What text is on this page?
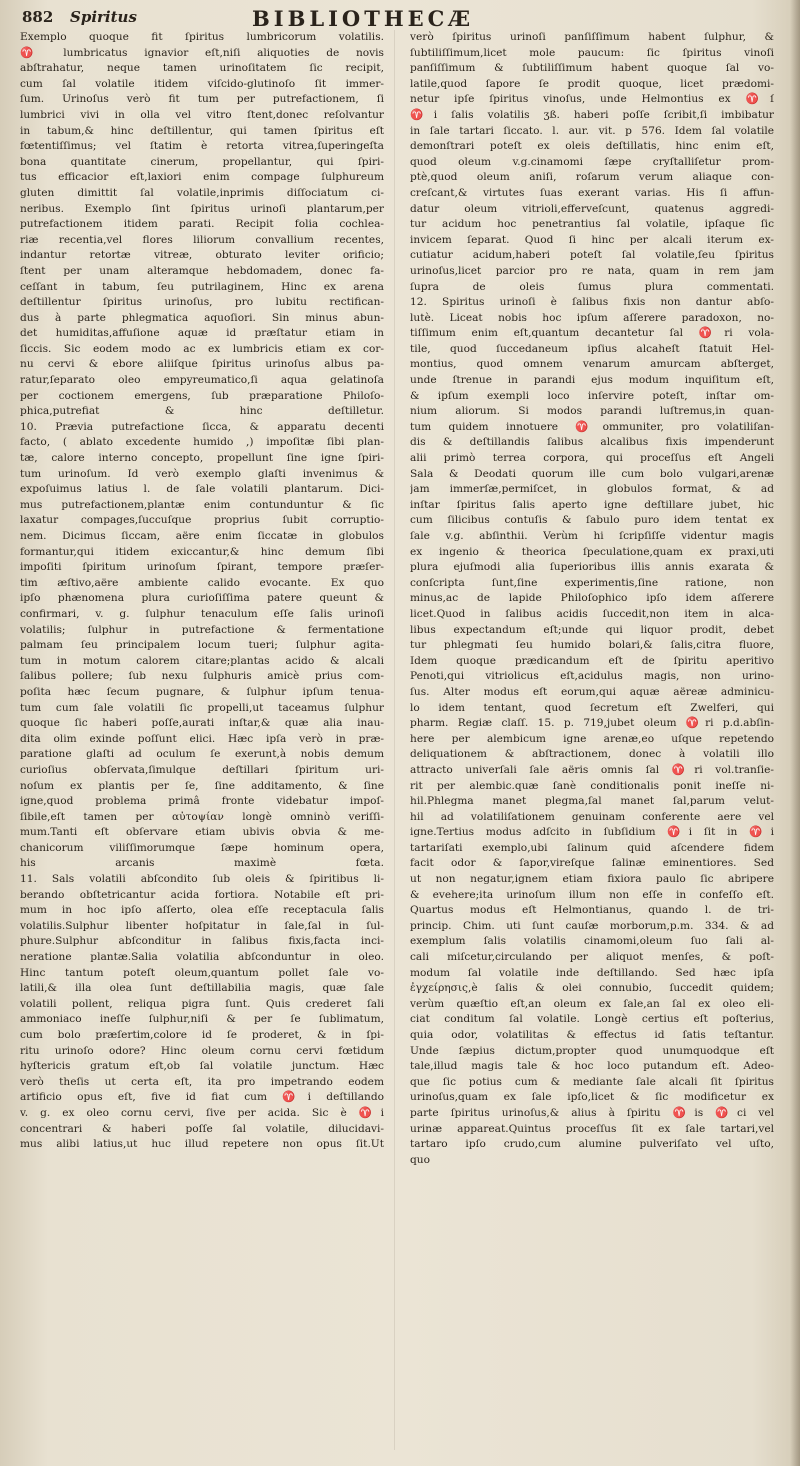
882 Spiritus	BIBLIOTHECÆ
Exemplo quoque fit ſpiritus lumbricorum volatilis.
♈ lumbricatus ignavior eſt,niſi aliquoties de novis
abſtrahatur, neque tamen urinoſitatem ſic recipit,
cum ſal volatile itidem viſcido-glutinoſo ſit immer-
ſum. Urinoſus verò fit tum per putrefactionem, ſi
lumbrici vivi in olla vel vitro ſtent,donec reſolvantur
in tabum,& hinc deſtillentur, qui tamen ſpiritus eſt
fœtentiſſimus; vel ſtatim è retorta vitrea,ſuperingeſta
bona quantitate cinerum, propellantur, qui ſpiri-
tus efficacior eſt,laxiori enim compage ſulphureum
gluten dimittit ſal volatile,inprimis diſſociatum ci-
neribus. Exemplo ſint ſpiritus urinoſi plantarum,per
putrefactionem itidem parati. Recipit folia cochlea-
riæ recentia,vel flores liliorum convallium recentes,
indantur retortæ vitreæ, obturato leviter orificio;
ſtent per unam alteramque hebdomadem, donec fa-
ceſſant in tabum, ſeu putrilaginem, Hinc ex arena
deſtillentur ſpiritus urinoſus, pro lubitu rectifican-
dus à parte phlegmatica aquoſiori. Sin minus abun-
det humiditas,affuſione aquæ id præſtatur etiam in
ſiccis. Sic eodem modo ac ex lumbricis etiam ex cor-
nu cervi & ebore aliiſque ſpiritus urinoſus albus pa-
ratur,ſeparato oleo empyreumatico,ſi aqua gelatinoſa
per coctionem emergens, ſub præparatione Philoſo-
phica,putrefiat & hinc deſtilletur.
10. Prævia putrefactione ſicca, & apparatu decenti
facto, ( ablato excedente humido ,) impoſitæ ſibi plan-
tæ, calore interno concepto, propellunt ſine igne ſpiri-
tum urinoſum. Id verò exemplo glaſti invenimus &
expoſuimus latius l. de ſale volatili plantarum. Dici-
mus putrefactionem,plantæ enim contunduntur & ſic
laxatur compages,ſuccuſque proprius ſubit corruptio-
nem. Dicimus ſiccam, aëre enim ſiccatæ in globulos
formantur,qui itidem exiccantur,& hinc demum ſibi
impoſiti ſpiritum urinoſum ſpirant, tempore præſer-
tim æſtivo,aëre ambiente calido evocante. Ex quo
ipſo phænomena plura curioſiſſima patere queunt &
confirmari, v. g. ſulphur tenaculum eſſe ſalis urinoſi
volatilis; ſulphur in putrefactione & fermentatione
palmam ſeu principalem locum tueri; ſulphur agita-
tum in motum calorem citare;plantas acido & alcali
ſalibus pollere; ſub nexu ſulphuris amicè prius com-
poſita hæc ſecum pugnare, & ſulphur ipſum tenua-
tum cum ſale volatili ſic propelli,ut taceamus ſulphur
quoque ſic haberi poſſe,aurati inſtar,& quæ alia inau-
dita olim exinde poſſunt elici. Hæc ipſa verò in præ-
paratione glaſti ad oculum ſe exerunt,à nobis demum
curioſius obſervata,ſimulque deſtillari ſpiritum uri-
noſum ex plantis per ſe, ſine additamento, & ſine
igne,quod problema primâ fronte videbatur impoſ-
ſibile,eſt tamen per αὐτοψίαν longè omninò veriſſi-
mum.Tanti eſt obſervare etiam ubivis obvia & me-
chanicorum viliſſimorumque ſæpe hominum opera,
his arcanis maximè fœta.
11. Sals volatili abſcondito ſub oleis & ſpiritibus li-
berando obſtetricantur acida fortiora. Notabile eſt pri-
mum in hoc ipſo aſſerto, olea eſſe receptacula ſalis
volatilis.Sulphur libenter hoſpitatur in ſale,ſal in ſul-
phure.Sulphur abſconditur in ſalibus fixis,facta inci-
neratione plantæ.Salia volatilia abſconduntur in oleo.
Hinc tantum poteſt oleum,quantum pollet ſale vo-
latili,& illa olea ſunt deſtillabilia magis, quæ ſale
volatili pollent, reliqua pigra ſunt. Quis crederet ſali
ammoniaco ineſſe ſulphur,niſi & per ſe ſublimatum,
cum bolo præſertim,colore id ſe proderet, & in ſpi-
ritu urinoſo odore? Hinc oleum cornu cervi fœtidum
hyſtericis gratum eſt,ob ſal volatile junctum. Hæc
verò theſis ut certa eſt, ita pro impetrando eodem
artificio opus eſt, five id fiat cum ♈i deſtillando
v. g. ex oleo cornu cervi, ſive per acida. Sic è ♈i
concentrari & haberi poſſe ſal volatile, dilucidavi-
mus alibi latius,ut huc illud repetere non opus ſit.Ut
verò ſpiritus urinoſi panſiſſimum habent ſulphur, &
ſubtiliſſimum,licet mole paucum: ſic ſpiritus vinoſi
panſiſſimum & ſubtiliſſimum habent quoque ſal vo-
latile,quod ſapore ſe prodit quoque, licet prædomi-
netur ipſe ſpiritus vinoſus, unde Helmontius ex ♈ſ
♈i ſalis volatilis ʒß. haberi poſſe ſcribit,ſi imbibatur
in ſale tartari ſiccato. l. aur. vit. p 576. Idem ſal volatile
demonſtrari poteſt ex oleis deſtillatis, hinc enim eſt,
quod oleum v.g.cinamomi ſæpe cryſtalliſetur prom-
ptè,quod oleum aniſi, roſarum verum aliaque con-
creſcant,& virtutes ſuas exerant varias. His ſi affun-
datur oleum vitrioli,efferveſcunt, quatenus aggredi-
tur acidum hoc penetrantius ſal volatile, ipſaque ſic
invicem ſeparat. Quod ſi hinc per alcali iterum ex-
cutiatur acidum,haberi poteſt ſal volatile,ſeu ſpiritus
urinoſus,licet parcior pro re nata, quam in rem jam
ſupra de oleis ſumus plura commentati.
12. Spiritus urinoſi è ſalibus fixis non dantur abſo-
lutè. Liceat nobis hoc ipſum aſſerere paradoxon, no-
tiſſimum enim eſt,quantum decantetur ſal ♈ri vola-
tile, quod ſuccedaneum ipſius alcaheſt ſtatuit Hel-
montius, quod omnem venarum amurcam abſterget,
unde ſtrenue in parandi ejus modum inquiſitum eſt,
& ipſum exempli loco inſervire poteſt, inſtar om-
nium aliorum. Si modos parandi luſtremus,in quan-
tum quidem innotuere ♈ommuniter, pro volatiliſan-
dis & deſtillandis ſalibus alcalibus fixis impenderunt
alii primò terrea corpora, qui proceſſus eſt Angeli
Sala & Deodati quorum ille cum bolo vulgari,arenæ
jam immerſæ,permiſcet, in globulos format, & ad
inſtar ſpiritus ſalis aperto igne deſtillare jubet, hic
cum ſilicibus contuſis & ſabulo puro idem tentat ex
ſale v.g. abſinthii. Verùm hi ſcripſiſſe videntur magis
ex ingenio & theorica ſpeculatione,quam ex praxi,uti
plura ejuſmodi alia ſuperioribus illis annis exarata &
conſcripta ſunt,ſine experimentis,ſine ratione, non
minus,ac de lapide Philoſophico ipſo idem aſſerere
licet.Quod in ſalibus acidis ſuccedit,non item in alca-
libus expectandum eſt;unde qui liquor prodit, debet
tur phlegmati ſeu humido bolari,& ſalis,citra fluore,
Idem quoque prædicandum eſt de ſpiritu aperitivo
Penoti,qui vitriolicus eſt,acidulus magis, non urino-
ſus. Alter modus eſt eorum,qui aquæ aëreæ adminicu-
lo idem tentant, quod ſecretum eſt Zwelferi, qui
pharm. Regiæ claſſ. 15. p. 719,jubet oleum ♈ri p.d.abſin-
here per alembicum igne arenæ,eo uſque repetendo
deliquationem & abſtractionem, donec à volatili illo
attracto univerſali ſale aëris omnis ſal ♈ri vol.tranſie-
rit per alembic.quæ ſanè conditionalis ponit ineſſe ni-
hil.Phlegma manet plegma,ſal manet ſal,parum velut-
hil ad volatiliſationem genuinam conferente aere vel
igne.Tertius modus adſcito in ſubſidium ♈i ſit in ♈i
tartariſati exemplo,ubi ſalinum quid aſcendere fidem
facit odor & ſapor,vireſque ſalinæ eminentiores. Sed
ut non negatur,ignem etiam fixiora paulo ſic abripere
& evehere;ita urinoſum illum non eſſe in confeſſo eſt.
Quartus modus eſt Helmontianus, quando l. de tri-
princip. Chim. uti ſunt cauſæ morborum,p.m. 334. & ad
exemplum ſalis volatilis cinamomi,oleum ſuo ſali al-
cali miſcetur,circulando per aliquot menſes, & poſt-
modum ſal volatile inde deſtillando. Sed hæc ipſa
ἐγχείρησις,è ſalis & olei connubio, ſuccedit quidem;
verùm quæſtio eſt,an oleum ex ſale,an ſal ex oleo eli-
ciat conditum ſal volatile. Longè certius eſt poſterius,
quia odor, volatilitas & effectus id ſatis teſtantur.
Unde ſæpius dictum,propter quod unumquodque eſt
tale,illud magis tale & hoc loco putandum eſt. Adeo-
que ſic potius cum & mediante ſale alcali ſit ſpiritus
urinoſus,quam ex ſale ipſo,licet & ſic modificetur ex
parte ſpiritus urinoſus,& alius à ſpiritu ♈is ♈ci vel
urinæ appareat.Quintus proceſſus ſit ex ſale tartari,vel
tartaro ipſo crudo,cum alumine pulveriſato vel uſto,
quo
